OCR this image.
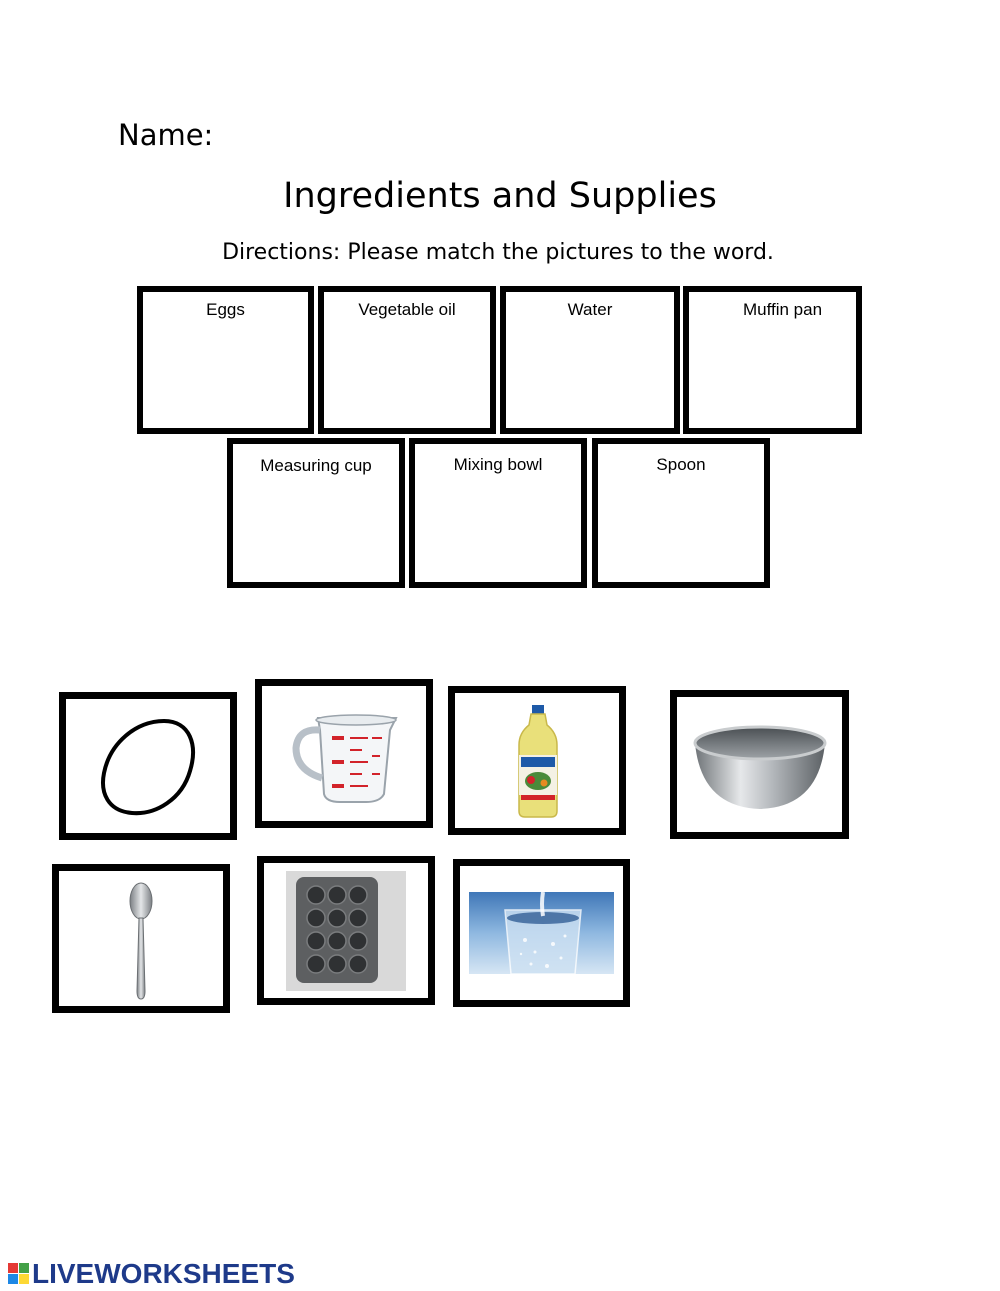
Name:
Ingredients and Supplies
Directions: Please match the pictures to the word.
Eggs	Vegetable oil	Water	Muffin pan
Measuring cup	Mixing bowl	Spoon
LIVEWORKSHEETS
